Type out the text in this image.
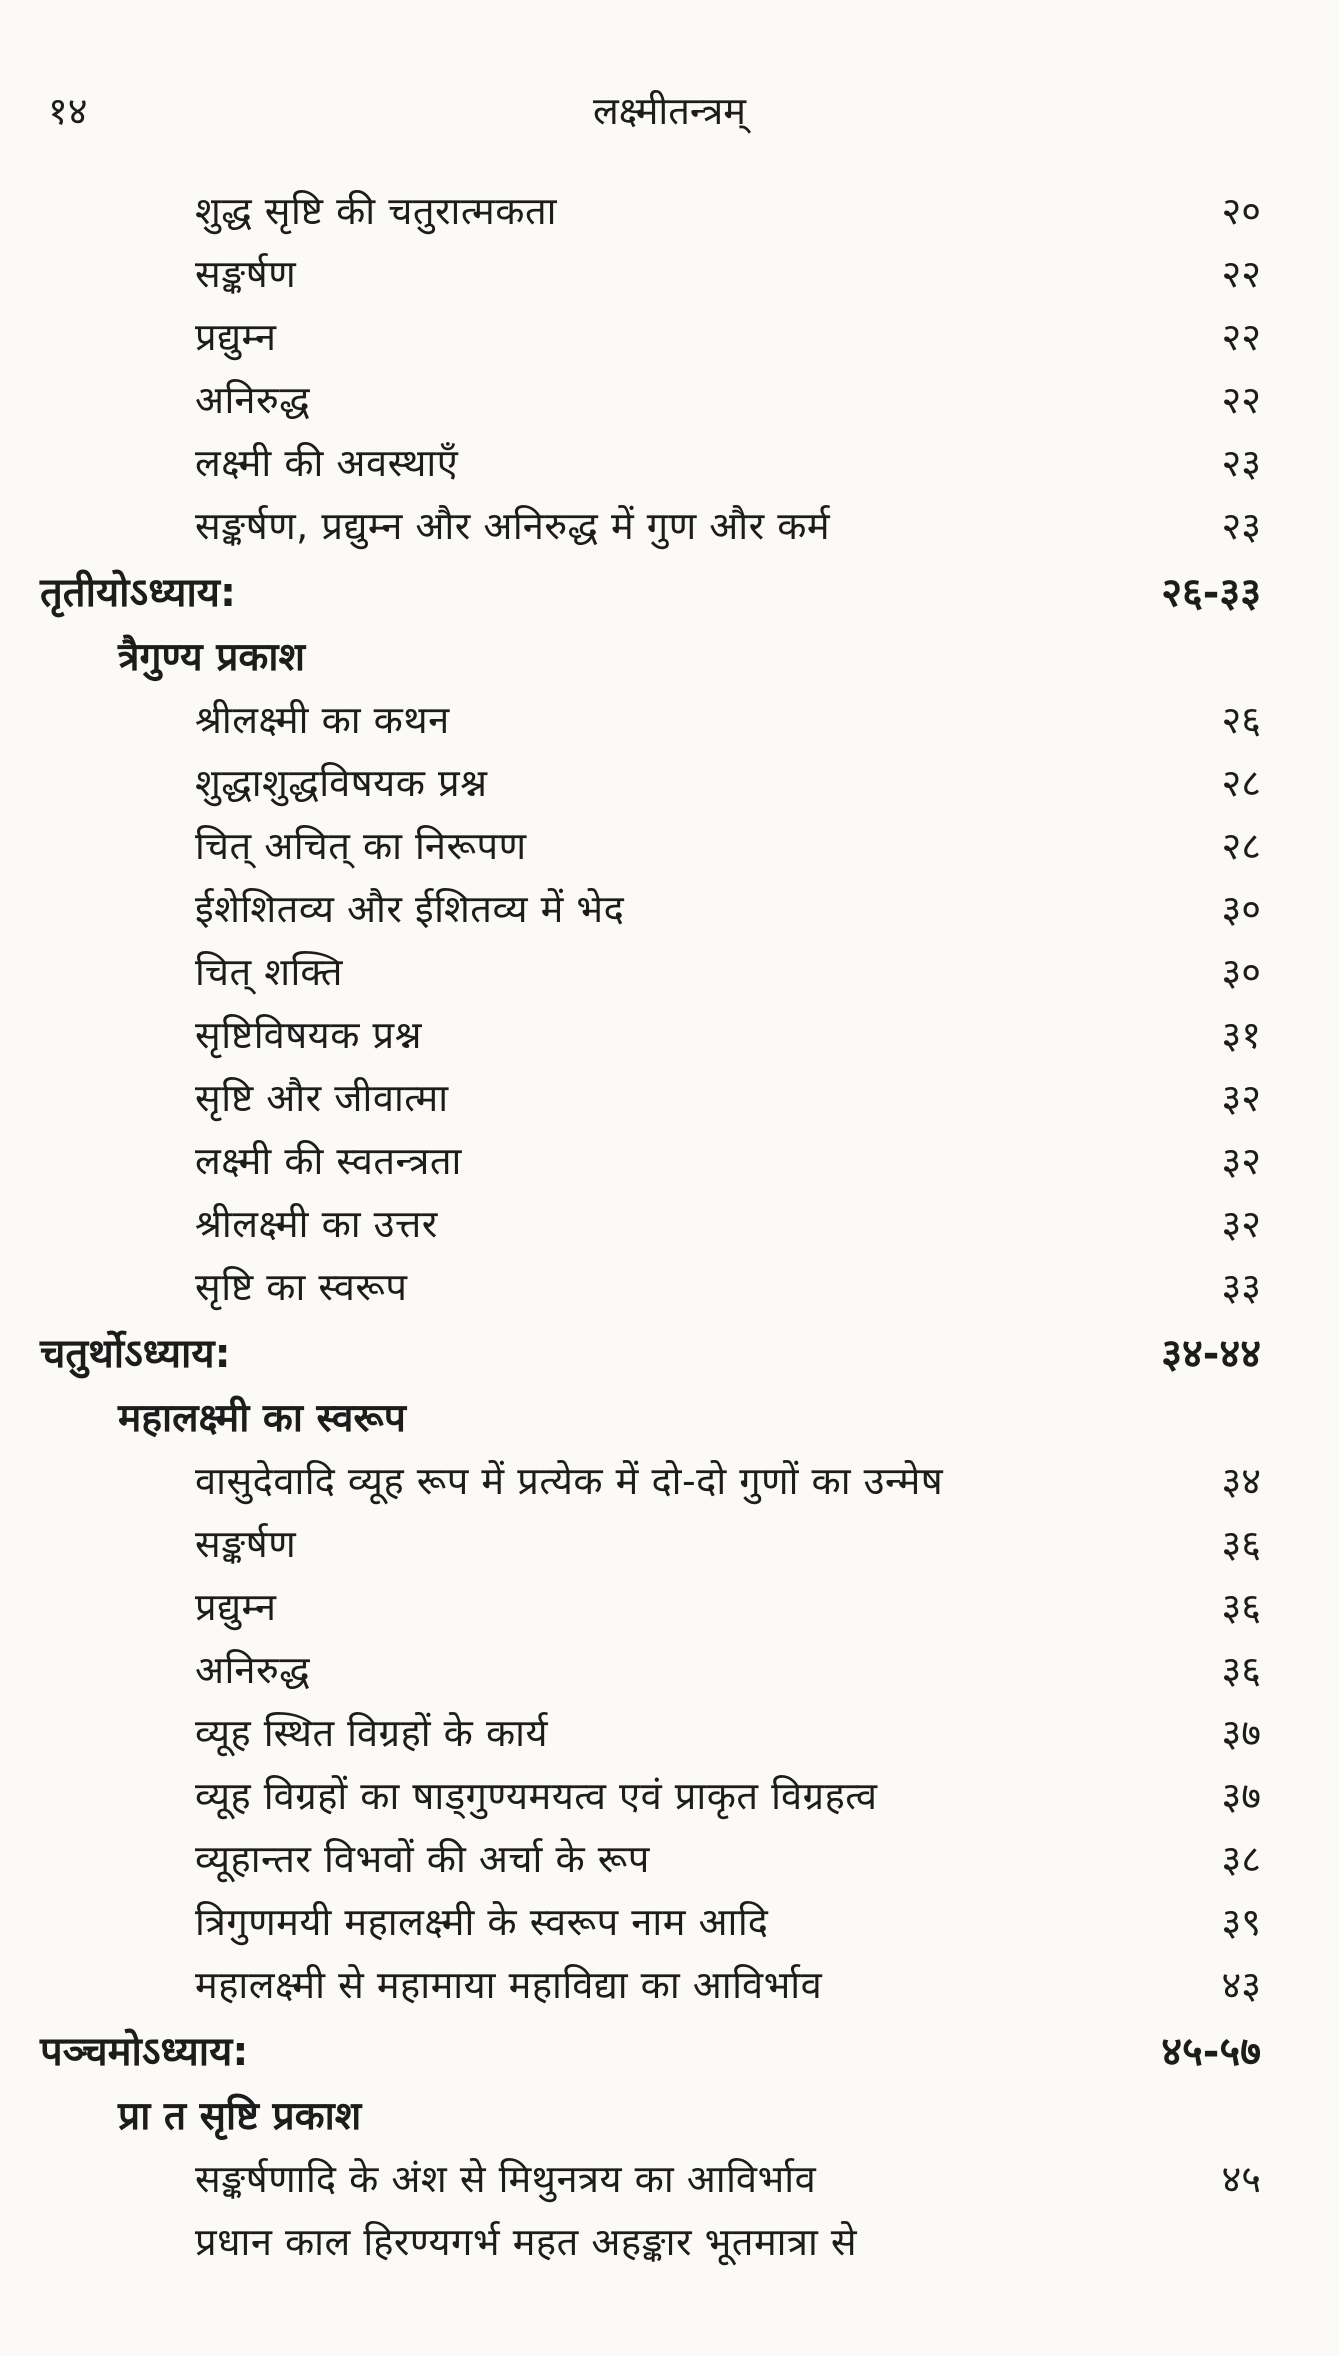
१४	लक्ष्मीतन्त्रम्
शुद्ध सृष्टि की चतुरात्मकता	२०
सङ्कर्षण	२२
प्रद्युम्न	२२
अनिरुद्ध	२२
लक्ष्मी की अवस्थाएँ	२३
सङ्कर्षण, प्रद्युम्न और अनिरुद्ध में गुण और कर्म	२३
तृतीयोऽध्याय:	२६-३३
त्रैगुण्य प्रकाश
श्रीलक्ष्मी का कथन	२६
शुद्धाशुद्धविषयक प्रश्न	२८
चित् अचित् का निरूपण	२८
ईशेशितव्य और ईशितव्य में भेद	३०
चित् शक्ति	३०
सृष्टिविषयक प्रश्न	३१
सृष्टि और जीवात्मा	३२
लक्ष्मी की स्वतन्त्रता	३२
श्रीलक्ष्मी का उत्तर	३२
सृष्टि का स्वरूप	३३
चतुर्थोऽध्याय:	३४-४४
महालक्ष्मी का स्वरूप
वासुदेवादि व्यूह रूप में प्रत्येक में दो-दो गुणों का उन्मेष	३४
सङ्कर्षण	३६
प्रद्युम्न	३६
अनिरुद्ध	३६
व्यूह स्थित विग्रहों के कार्य	३७
व्यूह विग्रहों का षाड्गुण्यमयत्व एवं प्राकृत विग्रहत्व	३७
व्यूहान्तर विभवों की अर्चा के रूप	३८
त्रिगुणमयी महालक्ष्मी के स्वरूप नाम आदि	३९
महालक्ष्मी से महामाया महाविद्या का आविर्भाव	४३
पञ्चमोऽध्याय:	४५-५७
प्रा त सृष्टि प्रकाश
सङ्कर्षणादि के अंश से मिथुनत्रय का आविर्भाव	४५
प्रधान काल हिरण्यगर्भ महत अहङ्कार भूतमात्रा से
